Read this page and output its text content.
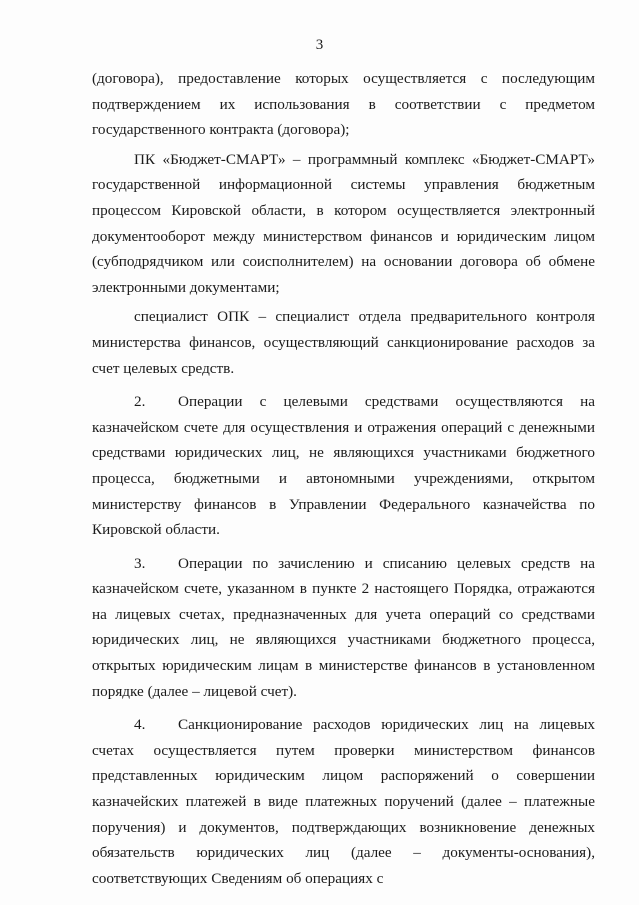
3

(договора), предоставление которых осуществляется с последующим подтверждением их использования в соответствии с предметом государственного контракта (договора);

ПК «Бюджет-СМАРТ» – программный комплекс «Бюджет-СМАРТ» государственной информационной системы управления бюджетным процессом Кировской области, в котором осуществляется электронный документооборот между министерством финансов и юридическим лицом (субподрядчиком или соисполнителем) на основании договора об обмене электронными документами;

специалист ОПК – специалист отдела предварительного контроля министерства финансов, осуществляющий санкционирование расходов за счет целевых средств.

2. Операции с целевыми средствами осуществляются на казначейском счете для осуществления и отражения операций с денежными средствами юридических лиц, не являющихся участниками бюджетного процесса, бюджетными и автономными учреждениями, открытом министерству финансов в Управлении Федерального казначейства по Кировской области.

3. Операции по зачислению и списанию целевых средств на казначейском счете, указанном в пункте 2 настоящего Порядка, отражаются на лицевых счетах, предназначенных для учета операций со средствами юридических лиц, не являющихся участниками бюджетного процесса, открытых юридическим лицам в министерстве финансов в установленном порядке (далее – лицевой счет).

4. Санкционирование расходов юридических лиц на лицевых счетах осуществляется путем проверки министерством финансов представленных юридическим лицом распоряжений о совершении казначейских платежей в виде платежных поручений (далее – платежные поручения) и документов, подтверждающих возникновение денежных обязательств юридических лиц (далее – документы-основания), соответствующих Сведениям об операциях с
